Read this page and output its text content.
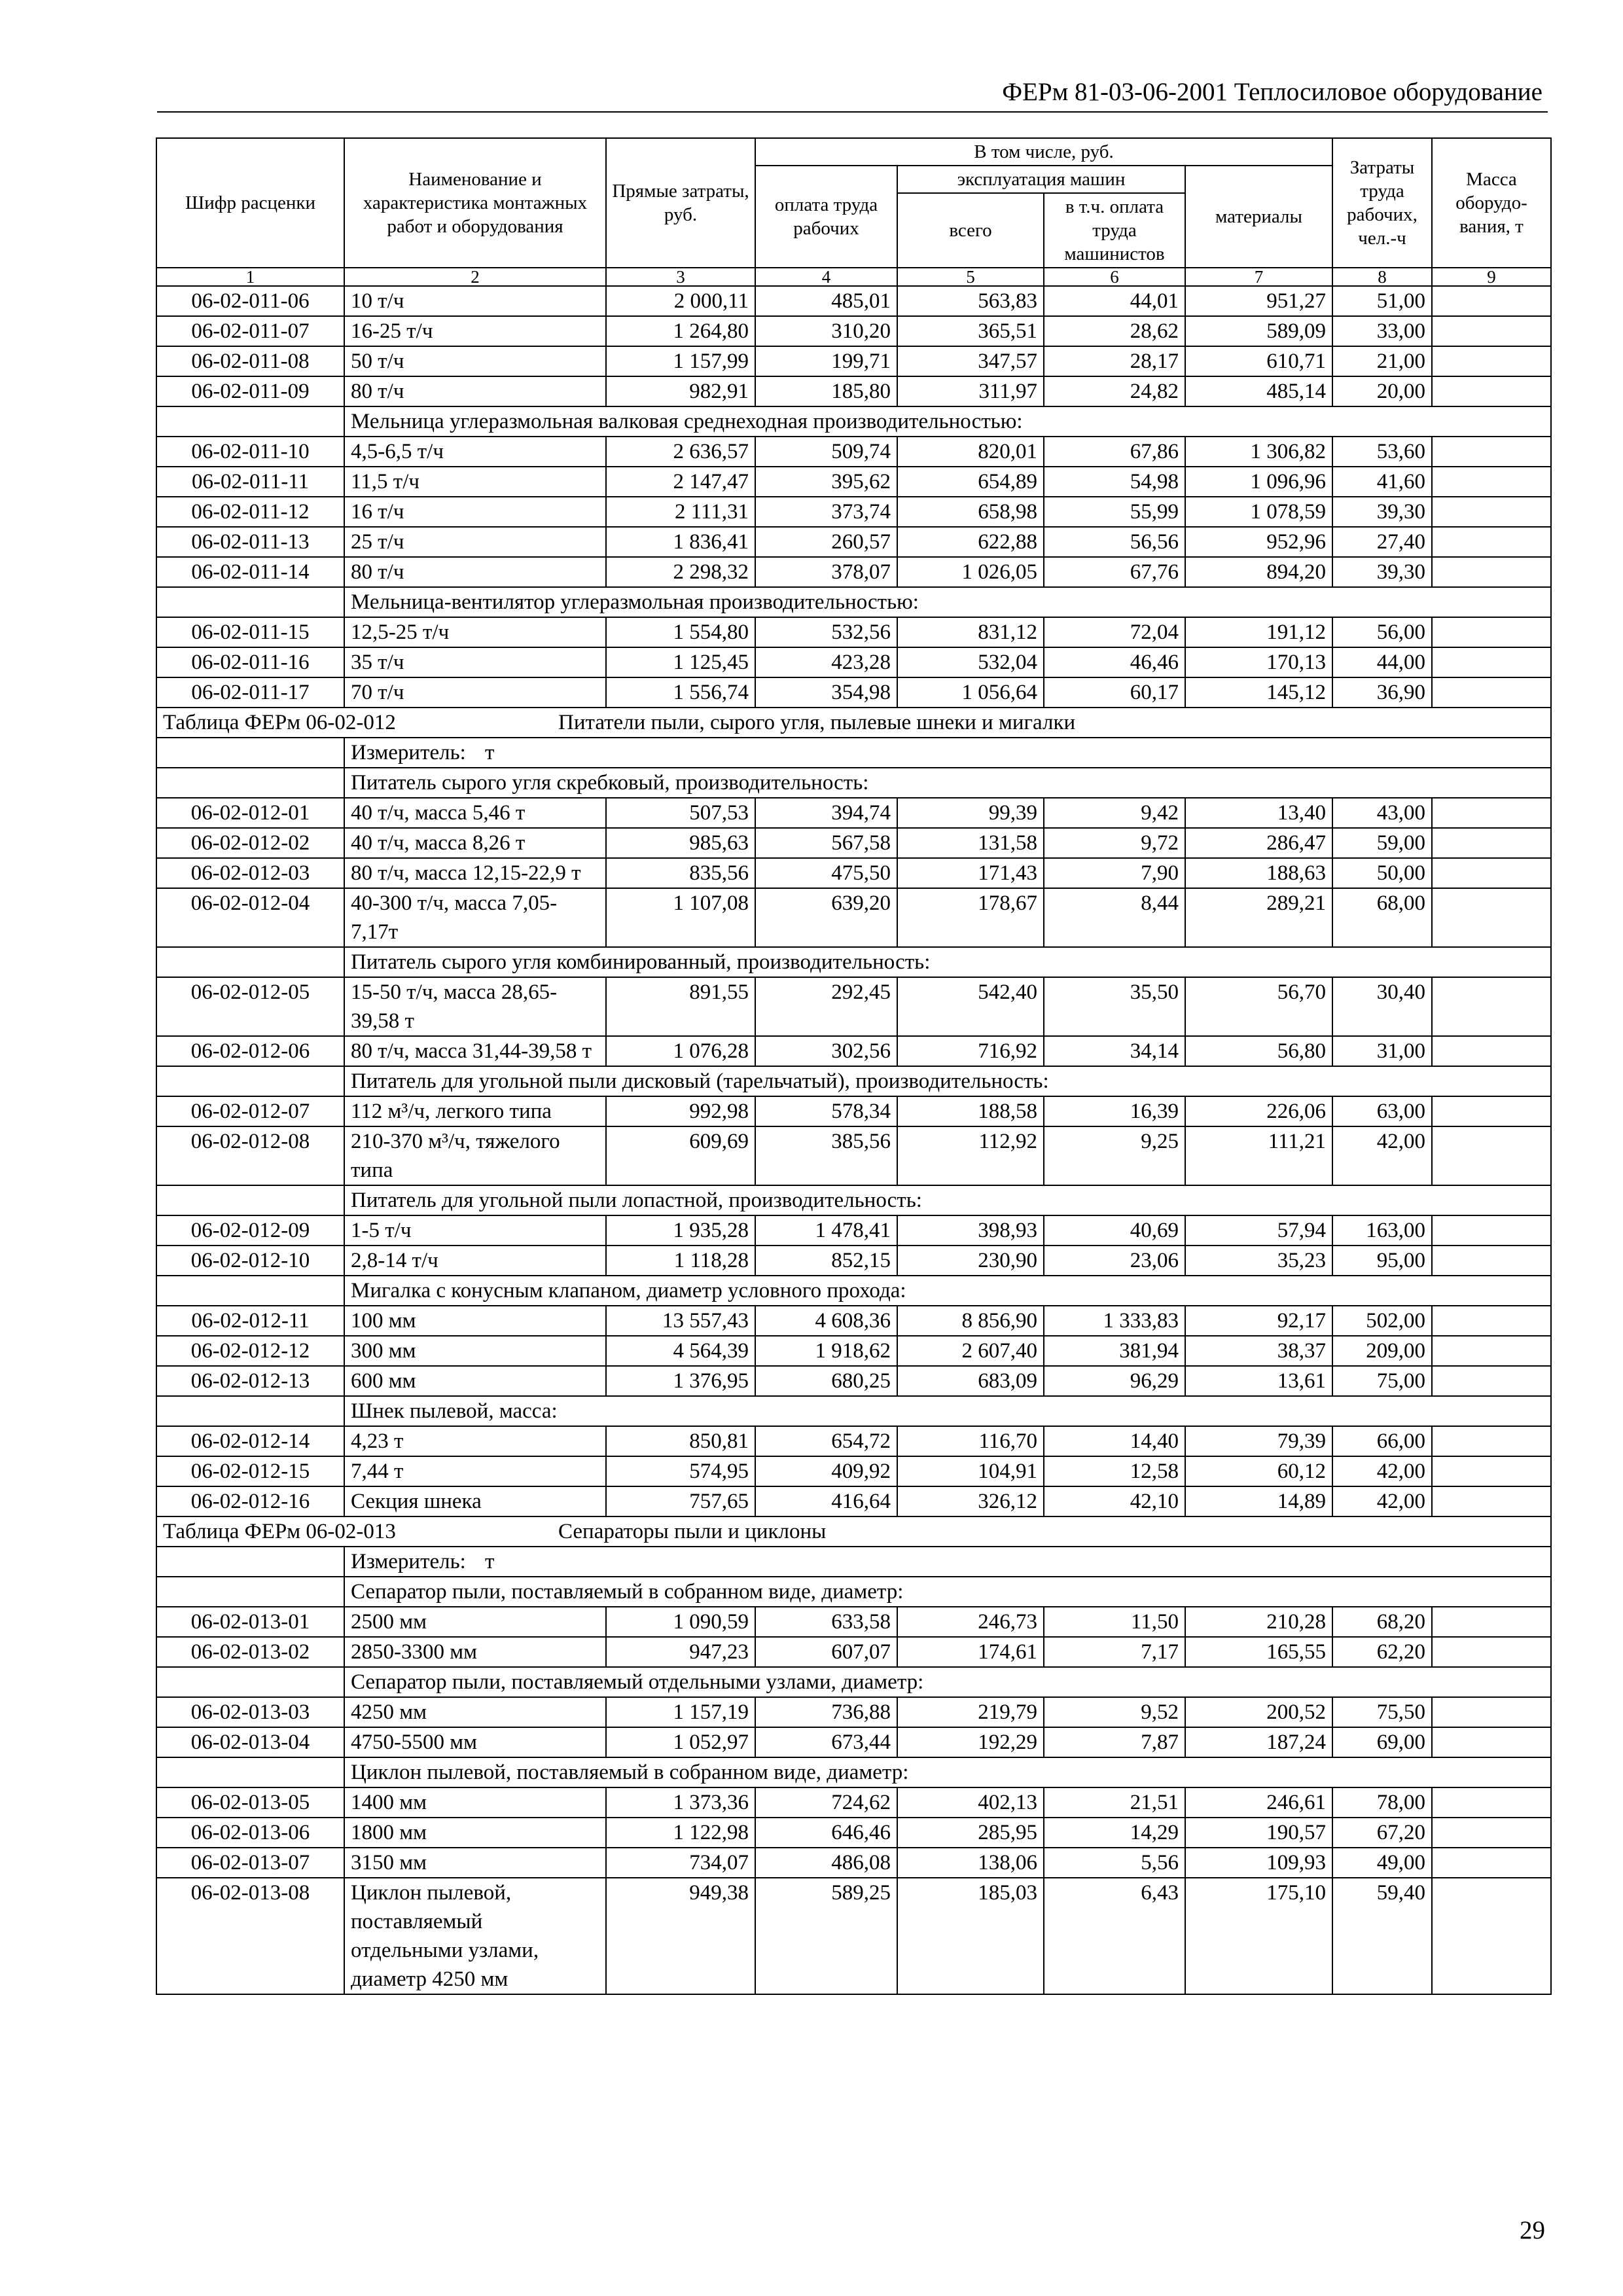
ФЕРм 81-03-06-2001 Теплосиловое оборудование
Шифр расценки	Наименование и характеристика монтажных работ и оборудования	Прямые затраты, руб.	В том числе, руб.				Затраты труда рабочих, чел.-ч	Масса оборудо-вания, т
			оплата труда рабочих	эксплуатация машин		материалы		
				всего	в т.ч. оплата труда машинистов			
1	2	3	4	5	6	7	8	9
06-02-011-06	10 т/ч	2 000,11	485,01	563,83	44,01	951,27	51,00	
06-02-011-07	16-25 т/ч	1 264,80	310,20	365,51	28,62	589,09	33,00	
06-02-011-08	50 т/ч	1 157,99	199,71	347,57	28,17	610,71	21,00	
06-02-011-09	80 т/ч	982,91	185,80	311,97	24,82	485,14	20,00	
	Мельница углеразмольная валковая среднеходная производительностью:							
06-02-011-10	4,5-6,5 т/ч	2 636,57	509,74	820,01	67,86	1 306,82	53,60	
06-02-011-11	11,5 т/ч	2 147,47	395,62	654,89	54,98	1 096,96	41,60	
06-02-011-12	16 т/ч	2 111,31	373,74	658,98	55,99	1 078,59	39,30	
06-02-011-13	25 т/ч	1 836,41	260,57	622,88	56,56	952,96	27,40	
06-02-011-14	80 т/ч	2 298,32	378,07	1 026,05	67,76	894,20	39,30	
	Мельница-вентилятор углеразмольная производительностью:							
06-02-011-15	12,5-25 т/ч	1 554,80	532,56	831,12	72,04	191,12	56,00	
06-02-011-16	35 т/ч	1 125,45	423,28	532,04	46,46	170,13	44,00	
06-02-011-17	70 т/ч	1 556,74	354,98	1 056,64	60,17	145,12	36,90	
Таблица ФЕРм 06-02-012 Питатели пыли, сырого угля, пылевые шнеки и мигалки								
	Измеритель: т							
	Питатель сырого угля скребковый, производительность:							
06-02-012-01	40 т/ч, масса 5,46 т	507,53	394,74	99,39	9,42	13,40	43,00	
06-02-012-02	40 т/ч, масса 8,26 т	985,63	567,58	131,58	9,72	286,47	59,00	
06-02-012-03	80 т/ч, масса 12,15-22,9 т	835,56	475,50	171,43	7,90	188,63	50,00	
06-02-012-04	40-300 т/ч, масса 7,05-7,17т	1 107,08	639,20	178,67	8,44	289,21	68,00	
	Питатель сырого угля комбинированный, производительность:							
06-02-012-05	15-50 т/ч, масса 28,65-39,58 т	891,55	292,45	542,40	35,50	56,70	30,40	
06-02-012-06	80 т/ч, масса 31,44-39,58 т	1 076,28	302,56	716,92	34,14	56,80	31,00	
	Питатель для угольной пыли дисковый (тарельчатый), производительность:							
06-02-012-07	112 м³/ч, легкого типа	992,98	578,34	188,58	16,39	226,06	63,00	
06-02-012-08	210-370 м³/ч, тяжелого типа	609,69	385,56	112,92	9,25	111,21	42,00	
	Питатель для угольной пыли лопастной, производительность:							
06-02-012-09	1-5 т/ч	1 935,28	1 478,41	398,93	40,69	57,94	163,00	
06-02-012-10	2,8-14 т/ч	1 118,28	852,15	230,90	23,06	35,23	95,00	
	Мигалка с конусным клапаном, диаметр условного прохода:							
06-02-012-11	100 мм	13 557,43	4 608,36	8 856,90	1 333,83	92,17	502,00	
06-02-012-12	300 мм	4 564,39	1 918,62	2 607,40	381,94	38,37	209,00	
06-02-012-13	600 мм	1 376,95	680,25	683,09	96,29	13,61	75,00	
	Шнек пылевой, масса:							
06-02-012-14	4,23 т	850,81	654,72	116,70	14,40	79,39	66,00	
06-02-012-15	7,44 т	574,95	409,92	104,91	12,58	60,12	42,00	
06-02-012-16	Секция шнека	757,65	416,64	326,12	42,10	14,89	42,00	
Таблица ФЕРм 06-02-013 Сепараторы пыли и циклоны								
	Измеритель: т							
	Сепаратор пыли, поставляемый в собранном виде, диаметр:							
06-02-013-01	2500 мм	1 090,59	633,58	246,73	11,50	210,28	68,20	
06-02-013-02	2850-3300 мм	947,23	607,07	174,61	7,17	165,55	62,20	
	Сепаратор пыли, поставляемый отдельными узлами, диаметр:							
06-02-013-03	4250 мм	1 157,19	736,88	219,79	9,52	200,52	75,50	
06-02-013-04	4750-5500 мм	1 052,97	673,44	192,29	7,87	187,24	69,00	
	Циклон пылевой, поставляемый в собранном виде, диаметр:							
06-02-013-05	1400 мм	1 373,36	724,62	402,13	21,51	246,61	78,00	
06-02-013-06	1800 мм	1 122,98	646,46	285,95	14,29	190,57	67,20	
06-02-013-07	3150 мм	734,07	486,08	138,06	5,56	109,93	49,00	
06-02-013-08	Циклон пылевой, поставляемый отдельными узлами, диаметр 4250 мм	949,38	589,25	185,03	6,43	175,10	59,40	
29
